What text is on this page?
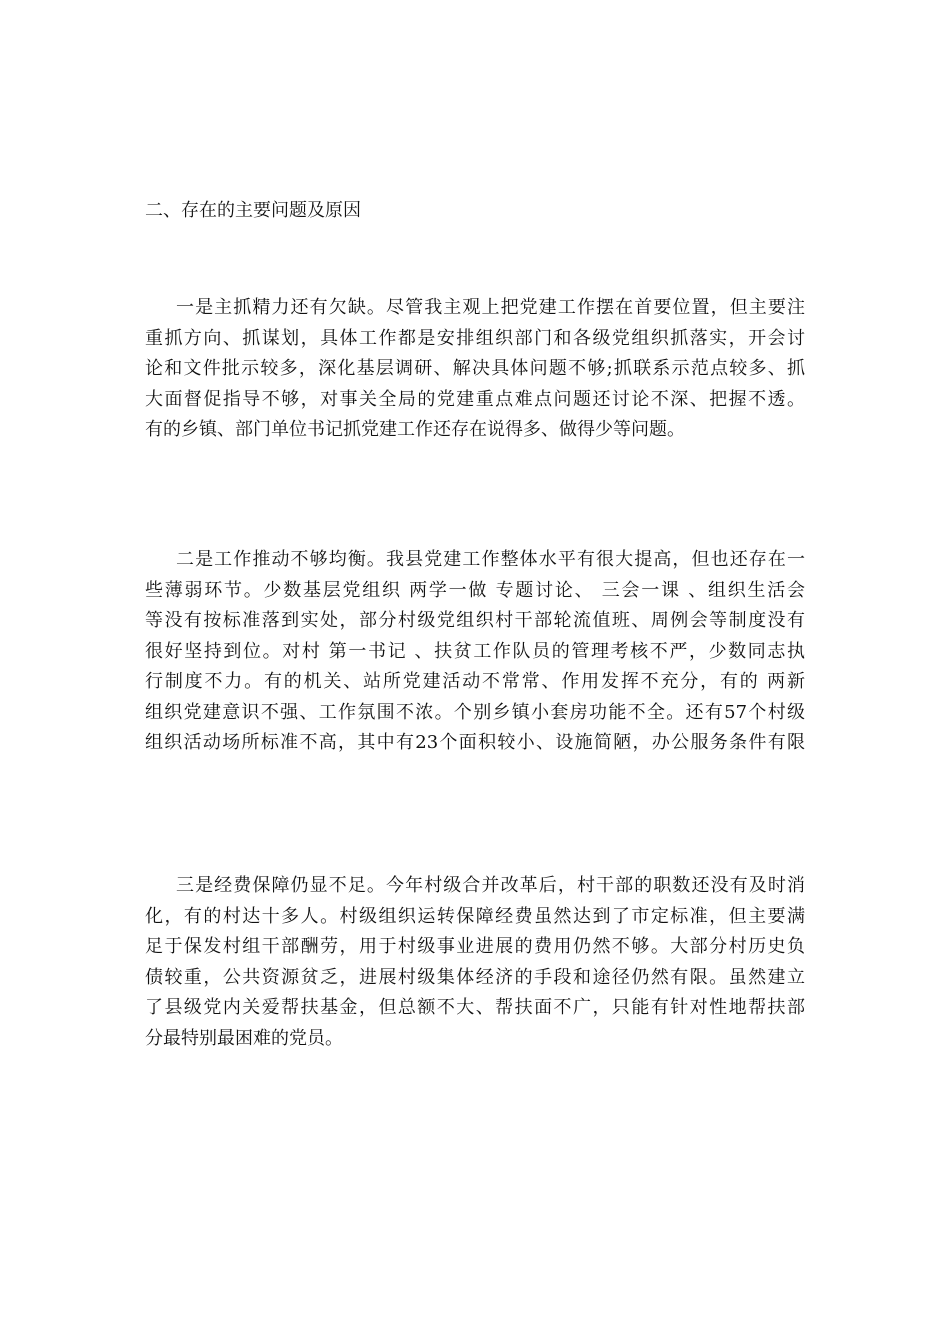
二、存在的主要问题及原因
一是主抓精力还有欠缺。尽管我主观上把党建工作摆在首要位置，但主要注
重抓方向、抓谋划，具体工作都是安排组织部门和各级党组织抓落实，开会讨
论和文件批示较多，深化基层调研、解决具体问题不够;抓联系示范点较多、抓
大面督促指导不够，对事关全局的党建重点难点问题还讨论不深、把握不透。
有的乡镇、部门单位书记抓党建工作还存在说得多、做得少等问题。
二是工作推动不够均衡。我县党建工作整体水平有很大提高，但也还存在一
些薄弱环节。少数基层党组织 两学一做 专题讨论、 三会一课 、组织生活会
等没有按标准落到实处，部分村级党组织村干部轮流值班、周例会等制度没有
很好坚持到位。对村 第一书记 、扶贫工作队员的管理考核不严，少数同志执
行制度不力。有的机关、站所党建活动不常常、作用发挥不充分，有的 两新
组织党建意识不强、工作氛围不浓。个别乡镇小套房功能不全。还有57个村级
组织活动场所标准不高，其中有23个面积较小、设施简陋，办公服务条件有限
三是经费保障仍显不足。今年村级合并改革后，村干部的职数还没有及时消
化，有的村达十多人。村级组织运转保障经费虽然达到了市定标准，但主要满
足于保发村组干部酬劳，用于村级事业进展的费用仍然不够。大部分村历史负
债较重，公共资源贫乏，进展村级集体经济的手段和途径仍然有限。虽然建立
了县级党内关爱帮扶基金，但总额不大、帮扶面不广，只能有针对性地帮扶部
分最特别最困难的党员。
